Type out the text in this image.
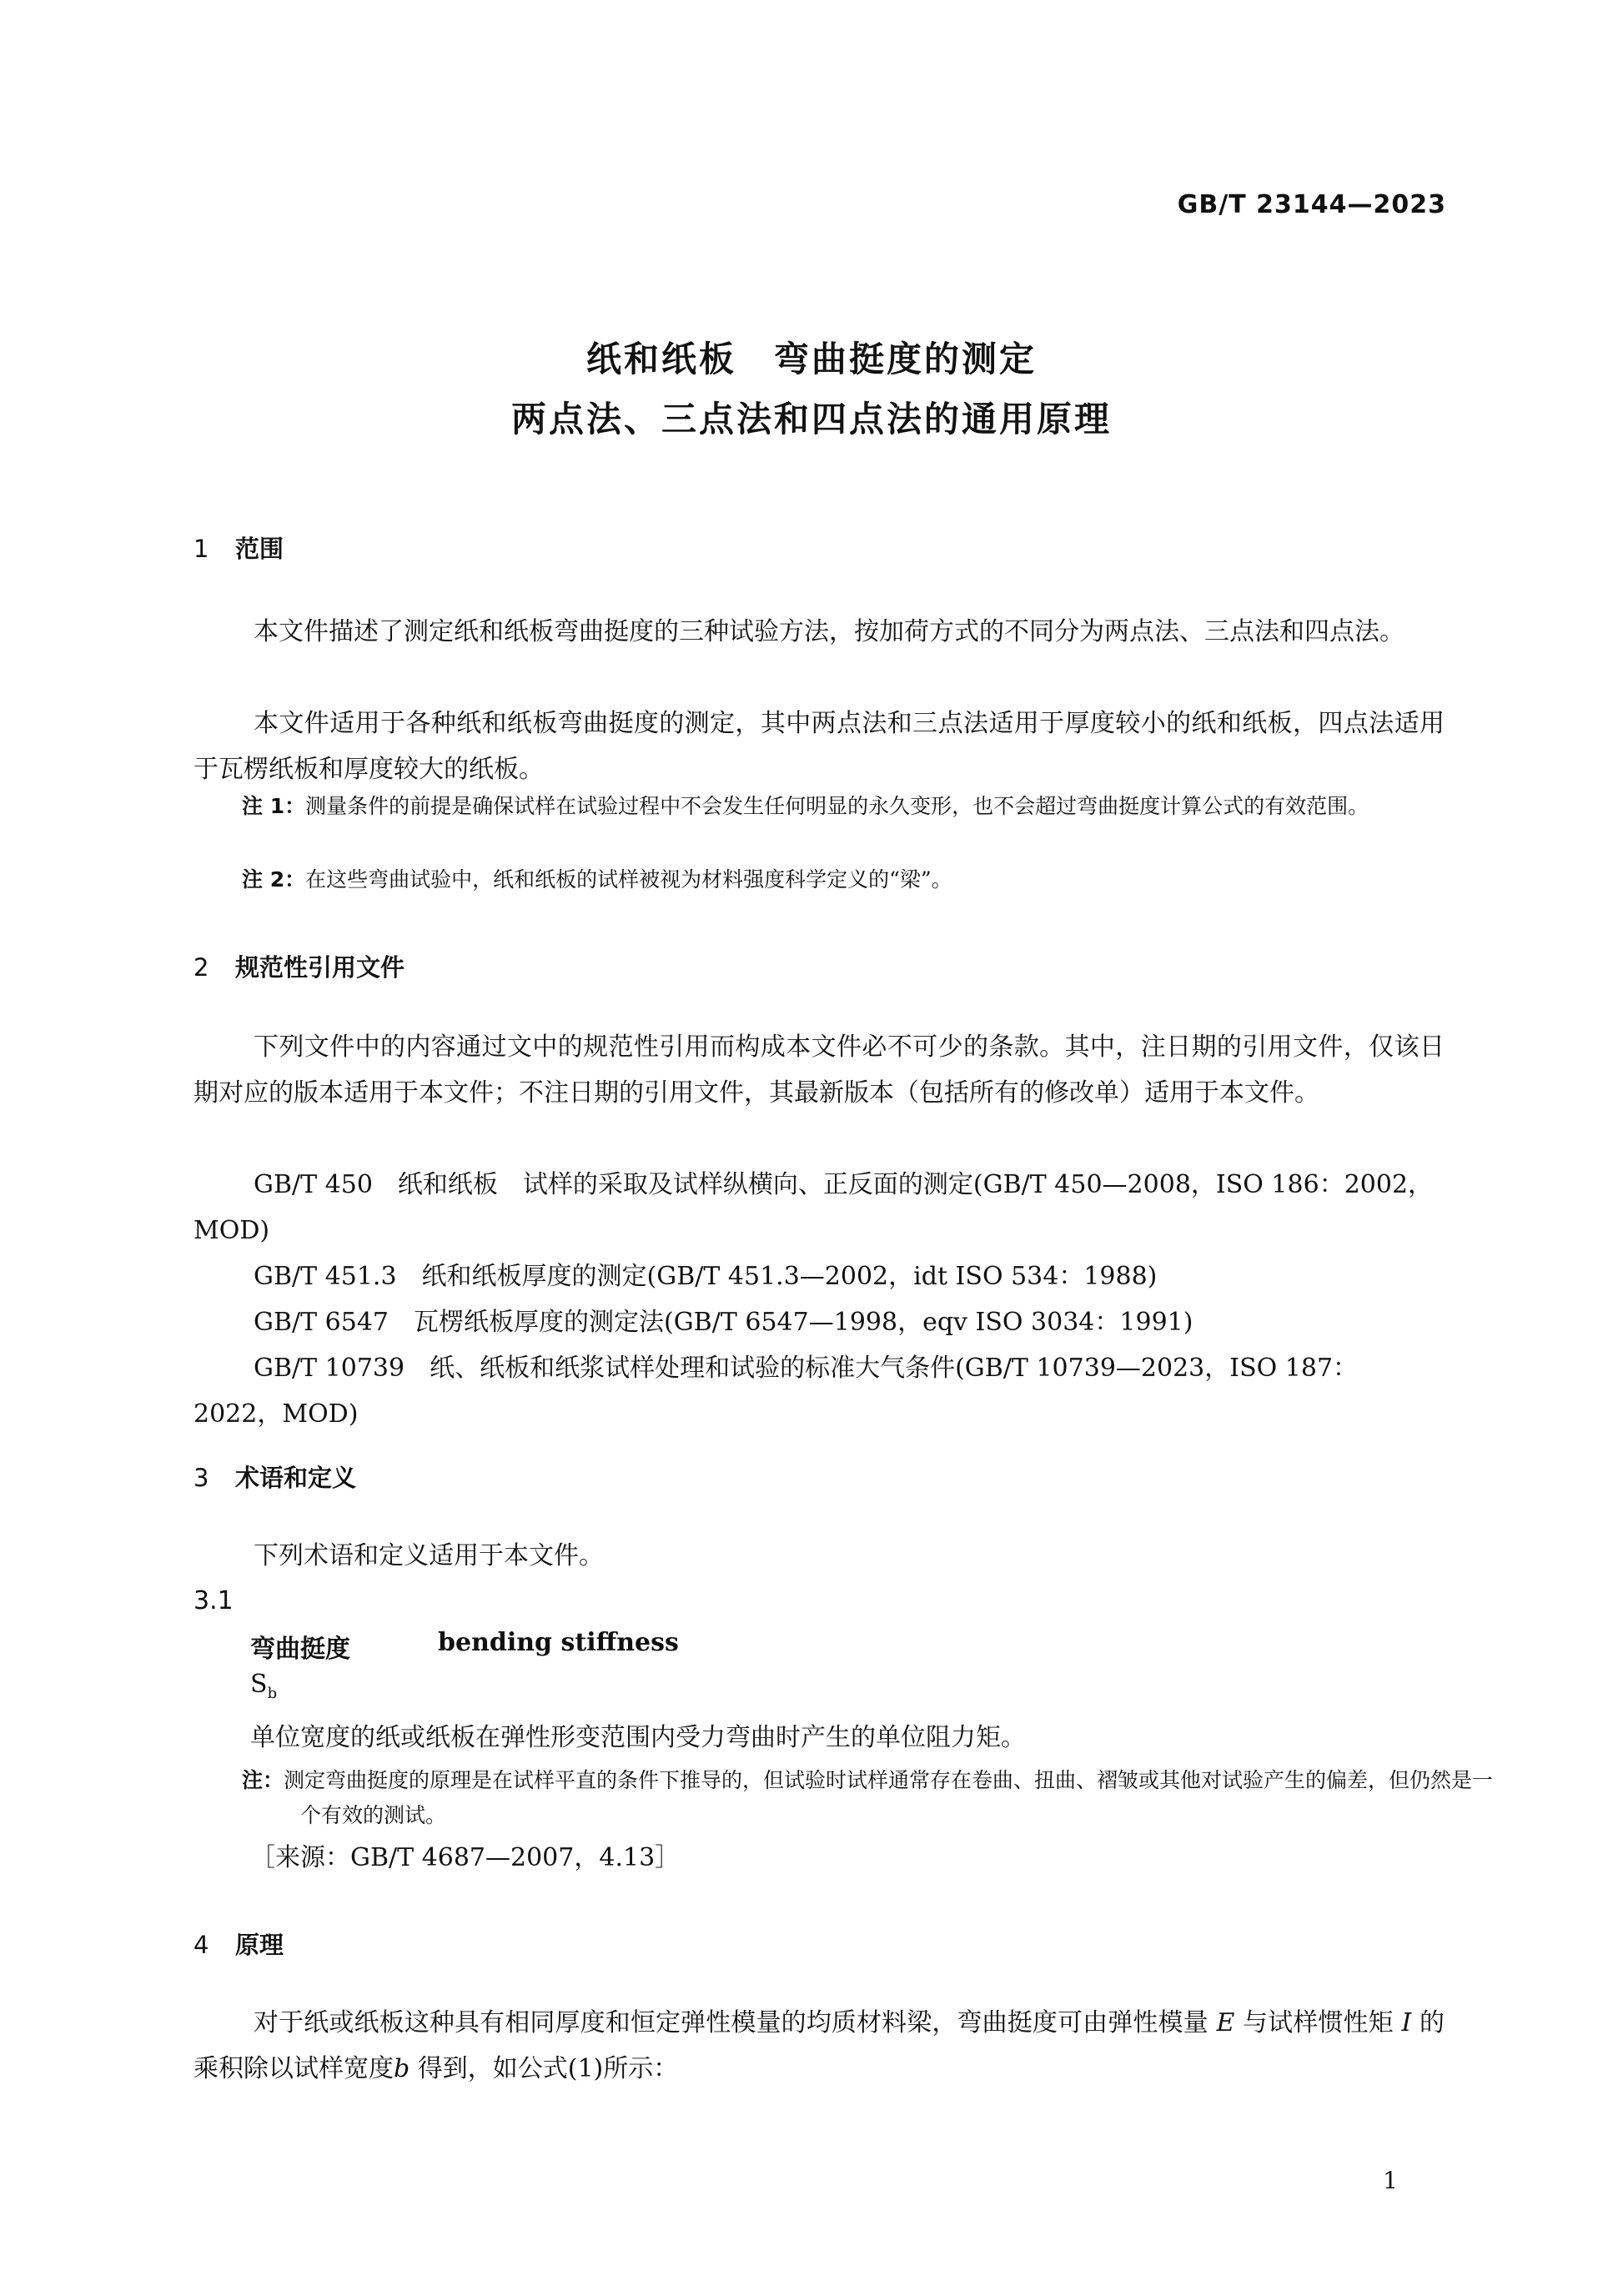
GB/T 23144—2023
纸和纸板　弯曲挺度的测定
两点法、三点法和四点法的通用原理
1 范围

本文件描述了测定纸和纸板弯曲挺度的三种试验方法，按加荷方式的不同分为两点法、三点法和四点法。

本文件适用于各种纸和纸板弯曲挺度的测定，其中两点法和三点法适用于厚度较小的纸和纸板，四点法适用于瓦楞纸板和厚度较大的纸板。

注 1：测量条件的前提是确保试样在试验过程中不会发生任何明显的永久变形，也不会超过弯曲挺度计算公式的有效范围。

注 2：在这些弯曲试验中，纸和纸板的试样被视为材料强度科学定义的“梁”。

2 规范性引用文件

下列文件中的内容通过文中的规范性引用而构成本文件必不可少的条款。其中，注日期的引用文件，仅该日期对应的版本适用于本文件；不注日期的引用文件，其最新版本（包括所有的修改单）适用于本文件。

GB/T 450　纸和纸板　试样的采取及试样纵横向、正反面的测定(GB/T 450—2008，ISO 186：2002，MOD)

GB/T 451.3　纸和纸板厚度的测定(GB/T 451.3—2002，idt ISO 534：1988)

GB/T 6547　瓦楞纸板厚度的测定法(GB/T 6547—1998，eqv ISO 3034：1991)

GB/T 10739　纸、纸板和纸浆试样处理和试验的标准大气条件(GB/T 10739—2023，ISO 187：2022，MOD)

3 术语和定义

下列术语和定义适用于本文件。

3.1
弯曲挺度	bending stiffness
$S_b$
单位宽度的纸或纸板在弹性形变范围内受力弯曲时产生的单位阻力矩。

注：测定弯曲挺度的原理是在试样平直的条件下推导的，但试验时试样通常存在卷曲、扭曲、褶皱或其他对试验产生的偏差，但仍然是一个有效的测试。

［来源：GB/T 4687—2007，4.13］
4 原理

对于纸或纸板这种具有相同厚度和恒定弹性模量的均质材料梁，弯曲挺度可由弹性模量 E 与试样惯性矩 I 的乘积除以试样宽度b 得到，如公式(1)所示：

1
